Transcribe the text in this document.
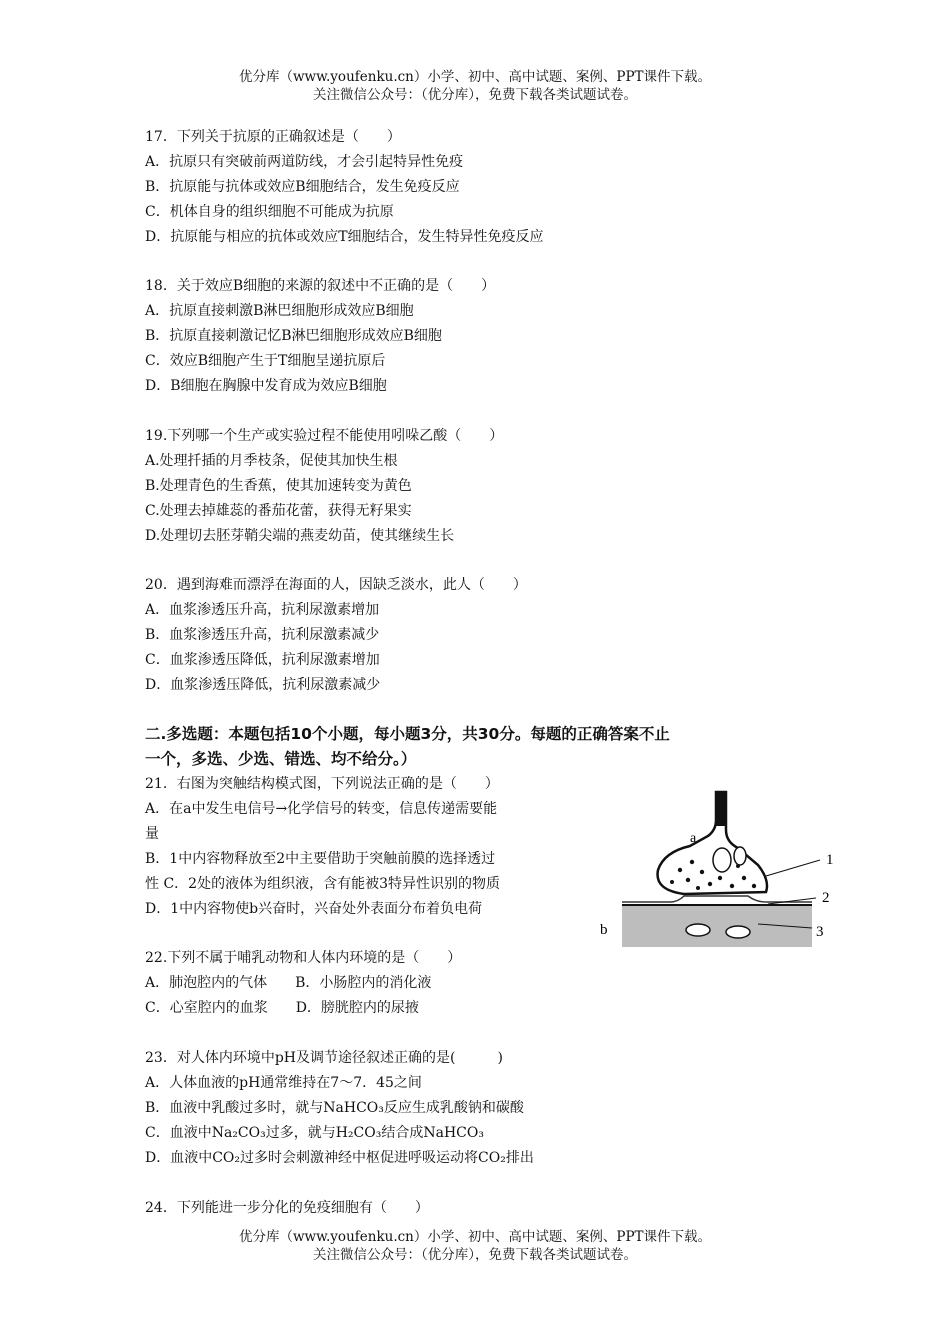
优分库（www.youfenku.cn）小学、初中、高中试题、案例、PPT课件下载。
关注微信公众号：（优分库），免费下载各类试题试卷。

17．下列关于抗原的正确叙述是（　　）

A．抗原只有突破前两道防线，才会引起特异性免疫

B．抗原能与抗体或效应B细胞结合，发生免疫反应

C．机体自身的组织细胞不可能成为抗原

D．抗原能与相应的抗体或效应T细胞结合，发生特异性免疫反应

18．关于效应B细胞的来源的叙述中不正确的是（　　）

A．抗原直接刺激B淋巴细胞形成效应B细胞

B．抗原直接刺激记忆B淋巴细胞形成效应B细胞

C．效应B细胞产生于T细胞呈递抗原后

D．B细胞在胸腺中发育成为效应B细胞

19.下列哪一个生产或实验过程不能使用吲哚乙酸（　　）

A.处理扦插的月季枝条，促使其加快生根

B.处理青色的生香蕉，使其加速转变为黄色

C.处理去掉雄蕊的番茄花蕾，获得无籽果实

D.处理切去胚芽鞘尖端的燕麦幼苗，使其继续生长

20．遇到海难而漂浮在海面的人，因缺乏淡水，此人（　　）

A．血浆渗透压升高，抗利尿激素增加

B．血浆渗透压升高，抗利尿激素减少

C．血浆渗透压降低，抗利尿激素增加

D．血浆渗透压降低，抗利尿激素减少

二.多选题：本题包括10个小题，每小题3分，共30分。每题的正确答案不止

一个，多选、少选、错选、均不给分。）

21．右图为突触结构模式图，下列说法正确的是（　　）

A．在a中发生电信号→化学信号的转变，信息传递需要能

量

B．1中内容物释放至2中主要借助于突触前膜的选择透过

性 C．2处的液体为组织液，含有能被3特异性识别的物质

D．1中内容物使b兴奋时，兴奋处外表面分布着负电荷

a
b
1
2
3

22.下列不属于哺乳动物和人体内环境的是（　　）

A．肺泡腔内的气体　　B．小肠腔内的消化液

C．心室腔内的血浆　　D．膀胱腔内的尿掖

23．对人体内环境中pH及调节途径叙述正确的是(　　　)

A．人体血液的pH通常维持在7～7．45之间

B．血液中乳酸过多时，就与NaHCO₃反应生成乳酸钠和碳酸

C．血液中Na₂CO₃过多，就与H₂CO₃结合成NaHCO₃

D．血液中CO₂过多时会刺激神经中枢促进呼吸运动将CO₂排出

24．下列能进一步分化的免疫细胞有（　　）

优分库（www.youfenku.cn）小学、初中、高中试题、案例、PPT课件下载。
关注微信公众号：（优分库），免费下载各类试题试卷。
